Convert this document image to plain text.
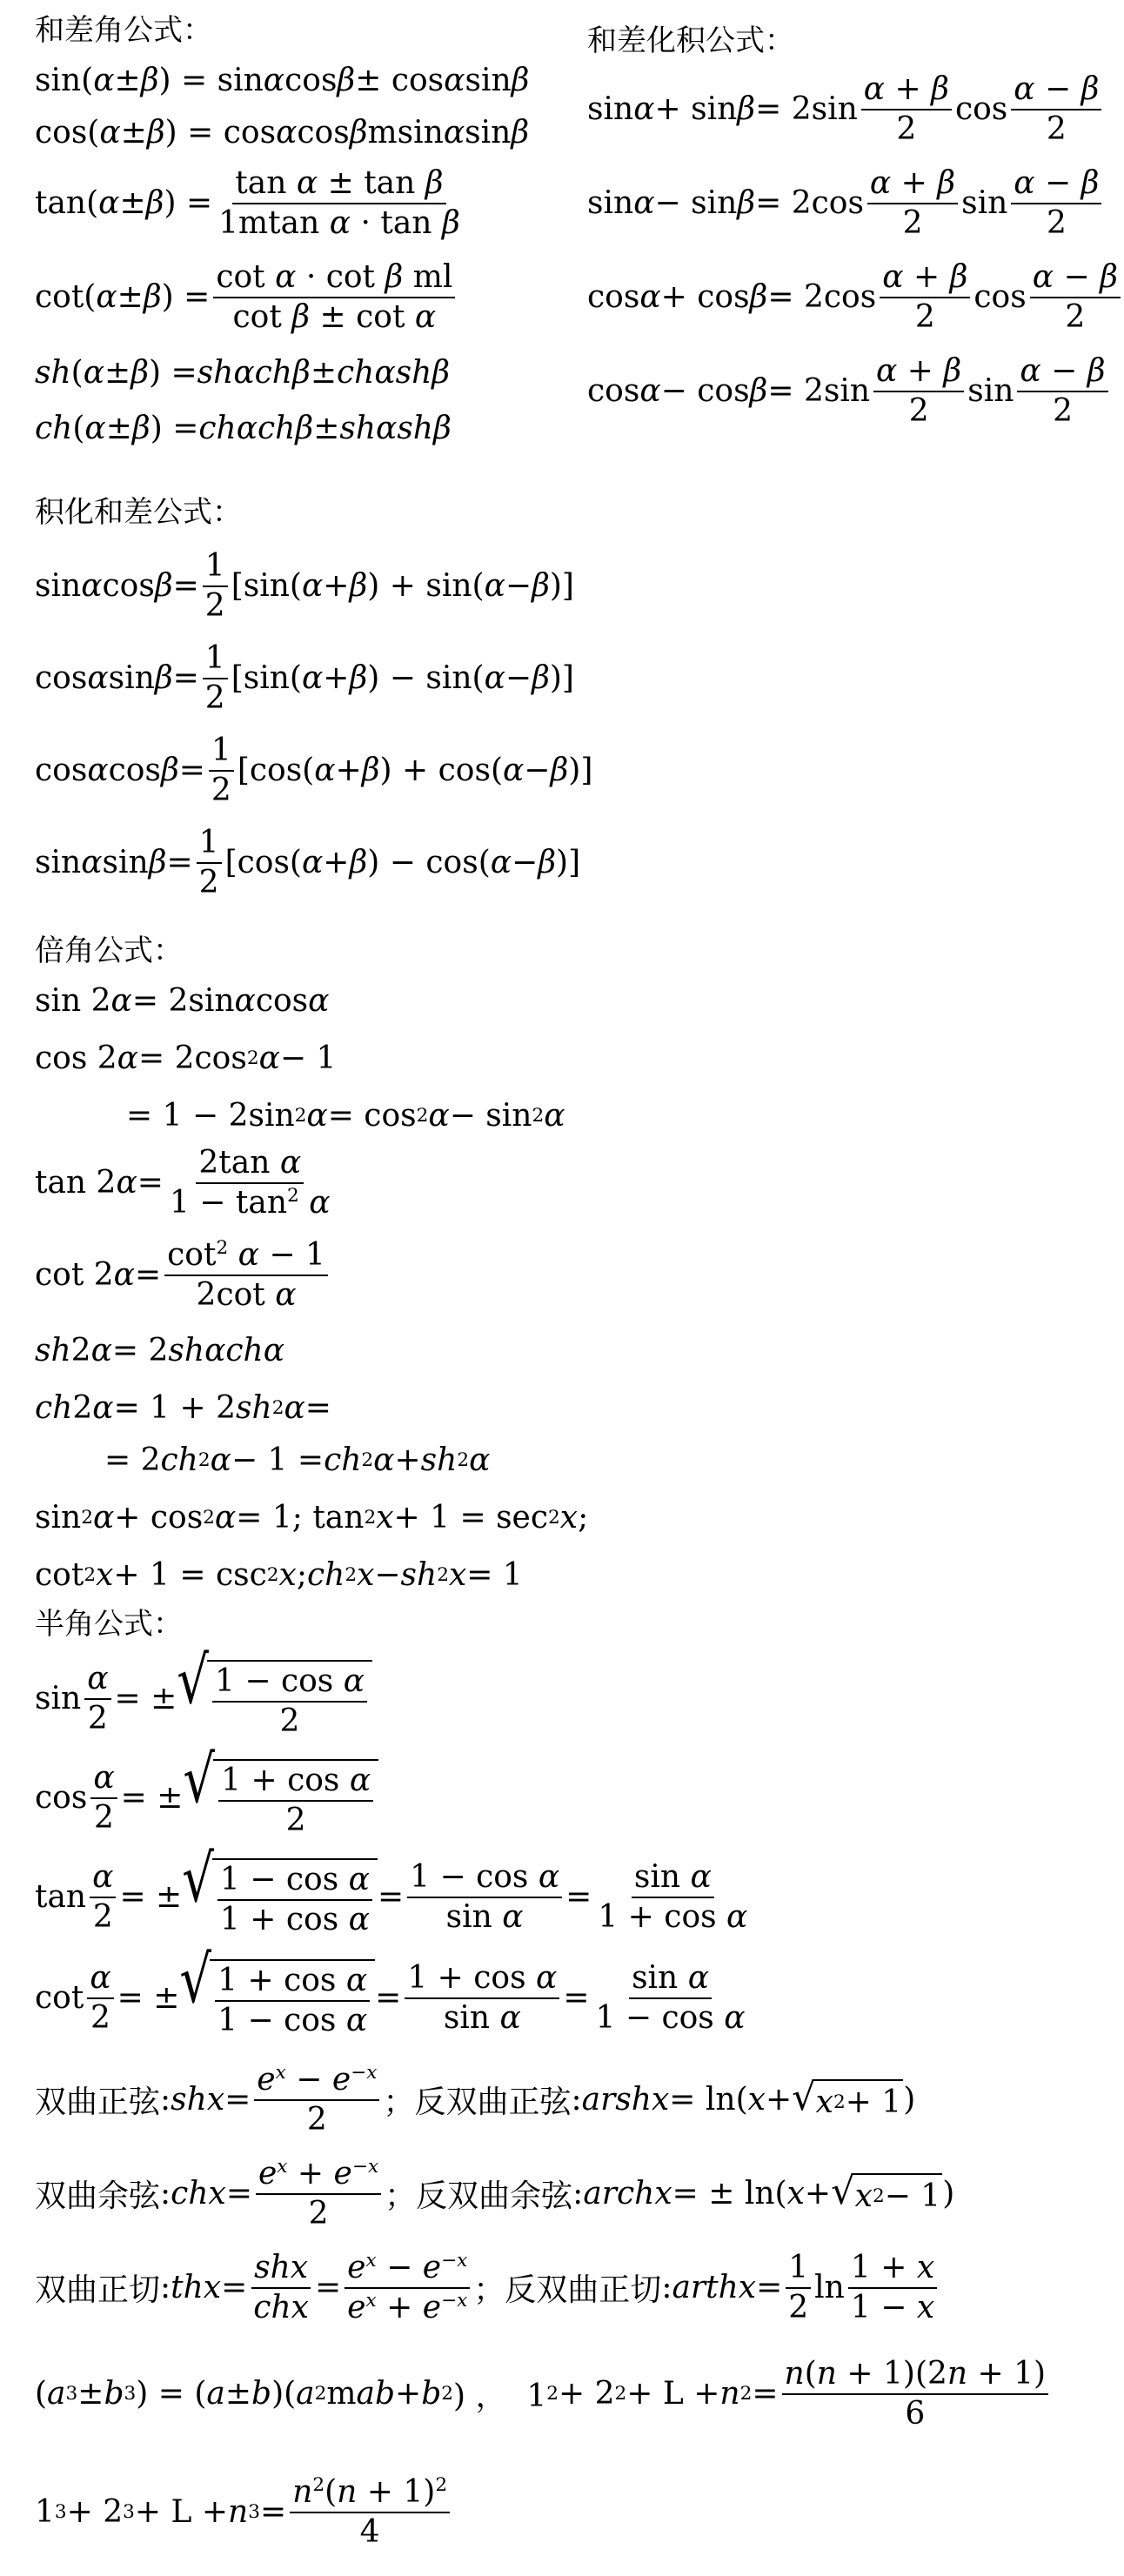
和差角公式：
sin( α ± β ) = sin α cos β ± cos α sin β
cos( α ± β ) = cos α cos β msin α sin β
tan( α ± β ) = $\frac{\text{tan α ± tan β}}{\text{1mtan α · tan β}}$
cot( α ± β ) = $\frac{\text{cot α · cot β ml}}{\text{cot β ± cot α}}$
sh ( α ± β ) = shαchβ ± chαshβ
ch ( α ± β ) = chαchβ ± shαshβ
和差化积公式：
$\sin \alpha + \sin \beta = 2\sin \frac{\alpha + \beta}{2}$ $\cos \frac{\alpha - \beta}{2}$
$\sin \alpha - \sin \beta = 2\cos \frac{\alpha + \beta}{2}$ $\sin \frac{\alpha - \beta}{2}$
$\cos \alpha + \cos \beta = 2\cos \frac{\alpha + \beta}{2}$ $\cos \frac{\alpha - \beta}{2}$
$\cos \alpha - \cos \beta = 2\sin \frac{\alpha + \beta}{2}$ $\sin \frac{\alpha - \beta}{2}$
积化和差公式：
sin α $\cos \beta = \frac{1}{2} [\sin$( α + β ) + sin( α − β )]
cos α $\sin \beta = \frac{1}{2} [\sin$( α + β ) − sin( α − β )]
cos α $\cos \beta = \frac{1}{2} [\cos$( α + β ) + cos( α − β )]
sin α $\sin \beta = \frac{1}{2} [\cos$( α + β ) − cos( α − β )]
倍角公式：
sin 2 α = 2sin α cos α
cos 2 α = 2cos 2 α − 1
= 1 − 2sin 2 α = cos 2 α − sin 2 α
tan 2 $\alpha = \frac{\text{2tan α}}{1 - \tan^2 \alpha}$
cot 2 $\alpha = \frac{\cot^2 \alpha - 1}{\text{2cot α}}$
sh 2 α = 2 shαchα
ch 2 α = 1 + 2 sh 2 α =
= 2 ch 2 α − 1 = ch 2 α + sh 2 α
sin 2 α + cos 2 α = 1; tan 2 x + 1 = sec 2 x ;
cot 2 x + 1 = csc 2 x ; ch 2 x − sh 2 x = 1
半角公式：
$\sin \frac{\alpha}{2}$ = ± √ $\frac{\text{1 − cos α}}{2}$
$\cos \frac{\alpha}{2}$ = ± √ $\frac{\text{1 + cos α}}{2}$
$\tan \frac{\alpha}{2}$ = ± √ $\frac{\text{1 − cos α}}{\text{1 + cos α}} = \frac{\text{1 − cos α}}{\text{sin α}} = \frac{\text{sin α}}{\text{1 + cos α}}$
$\cot \frac{\alpha}{2}$ = ± √ $\frac{\text{1 + cos α}}{\text{1 − cos α}} = \frac{\text{1 + cos α}}{\text{sin α}} = \frac{\text{sin α}}{\text{1 − cos α}}$
双曲正弦 : shx = $\frac{e^x - e^{-x}}{2}$ ； 反双曲正弦 : arshx = ln( x + √ x 2 + 1 )
双曲余弦 : chx = $\frac{e^x + e^{-x}}{2}$ ； 反双曲余弦 : archx = ± ln( x + √ x 2 − 1 )
双曲正切 : thx = $\frac{\text{shx}}{\text{chx}} = \frac{e^x - e^{-x}}{e^x + e^{-x}}$ ； 反双曲正切 : arthx = $\frac{1}{2}$ $\ln \frac{1 + x}{1 - x}$
( a 3 ± b 3 ) = ( a ± b )( a 2 m ab + b 2 ) ，  1 2 + 2 2 + L + n $2 = \frac{n(n + 1)(2n + 1)}{6}$
1 3 + 2 3 + L + n $3 = \frac{n^2(n + 1)^2}{4}$
